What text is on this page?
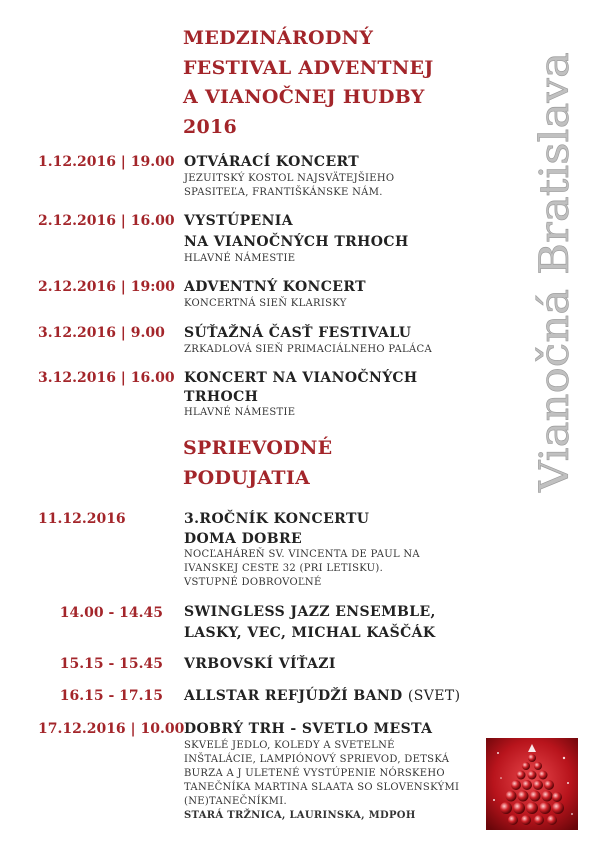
MEDZINÁRODNÝ
FESTIVAL ADVENTNEJ
A VIANOČNEJ HUDBY
2016	Vianočná Bratislava
1.12.2016 | 19.00 OTVÁRACÍ KONCERT
JEZUITSKÝ KOSTOL NAJSVÄTEJŠIEHO
SPASITEĽA, FRANTIŠKÁNSKE NÁM.
2.12.2016 | 16.00 VYSTÚPENIA
NA VIANOČNÝCH TRHOCH
HLAVNÉ NÁMESTIE
2.12.2016 | 19:00 ADVENTNÝ KONCERT
KONCERTNÁ SIEŇ KLARISKY
3.12.2016 | 9.00	SÚŤAŽNÁ ČASŤ FESTIVALU
ZRKADLOVÁ SIEŇ PRIMACIÁLNEHO PALÁCA
3.12.2016 | 16.00 KONCERT NA VIANOČNÝCH
TRHOCH
HLAVNÉ NÁMESTIE
SPRIEVODNÉ
PODUJATIA
11.12.2016	3.ROČNÍK KONCERTU
DOMA DOBRE
NOCĽAHÁREŇ SV. VINCENTA DE PAUL NA
IVANSKEJ CESTE 32 (PRI LETISKU).
VSTUPNÉ DOBROVOĽNÉ
14.00 - 14.45 SWINGLESS JAZZ ENSEMBLE,
LASKY, VEC, MICHAL KAŠČÁK
15.15 - 15.45 VRBOVSKÍ VÍŤAZI
16.15 - 17.15 ALLSTAR REFJÚDŽÍ BAND (SVET)
17.12.2016 | 10.00 DOBRÝ TRH - SVETLO MESTA
SKVELÉ JEDLO, KOLEDY A SVETELNÉ
INŠTALÁCIE, LAMPIÓNOVÝ SPRIEVOD, DETSKÁ
BURZA A J ULETENÉ VYSTÚPENIE NÓRSKEHO
TANEČNÍKA MARTINA SLAATA SO SLOVENSKÝMI
(NE)TANEČNÍKMI.
STARÁ TRŽNICA, LAURINSKA, MDPOH
